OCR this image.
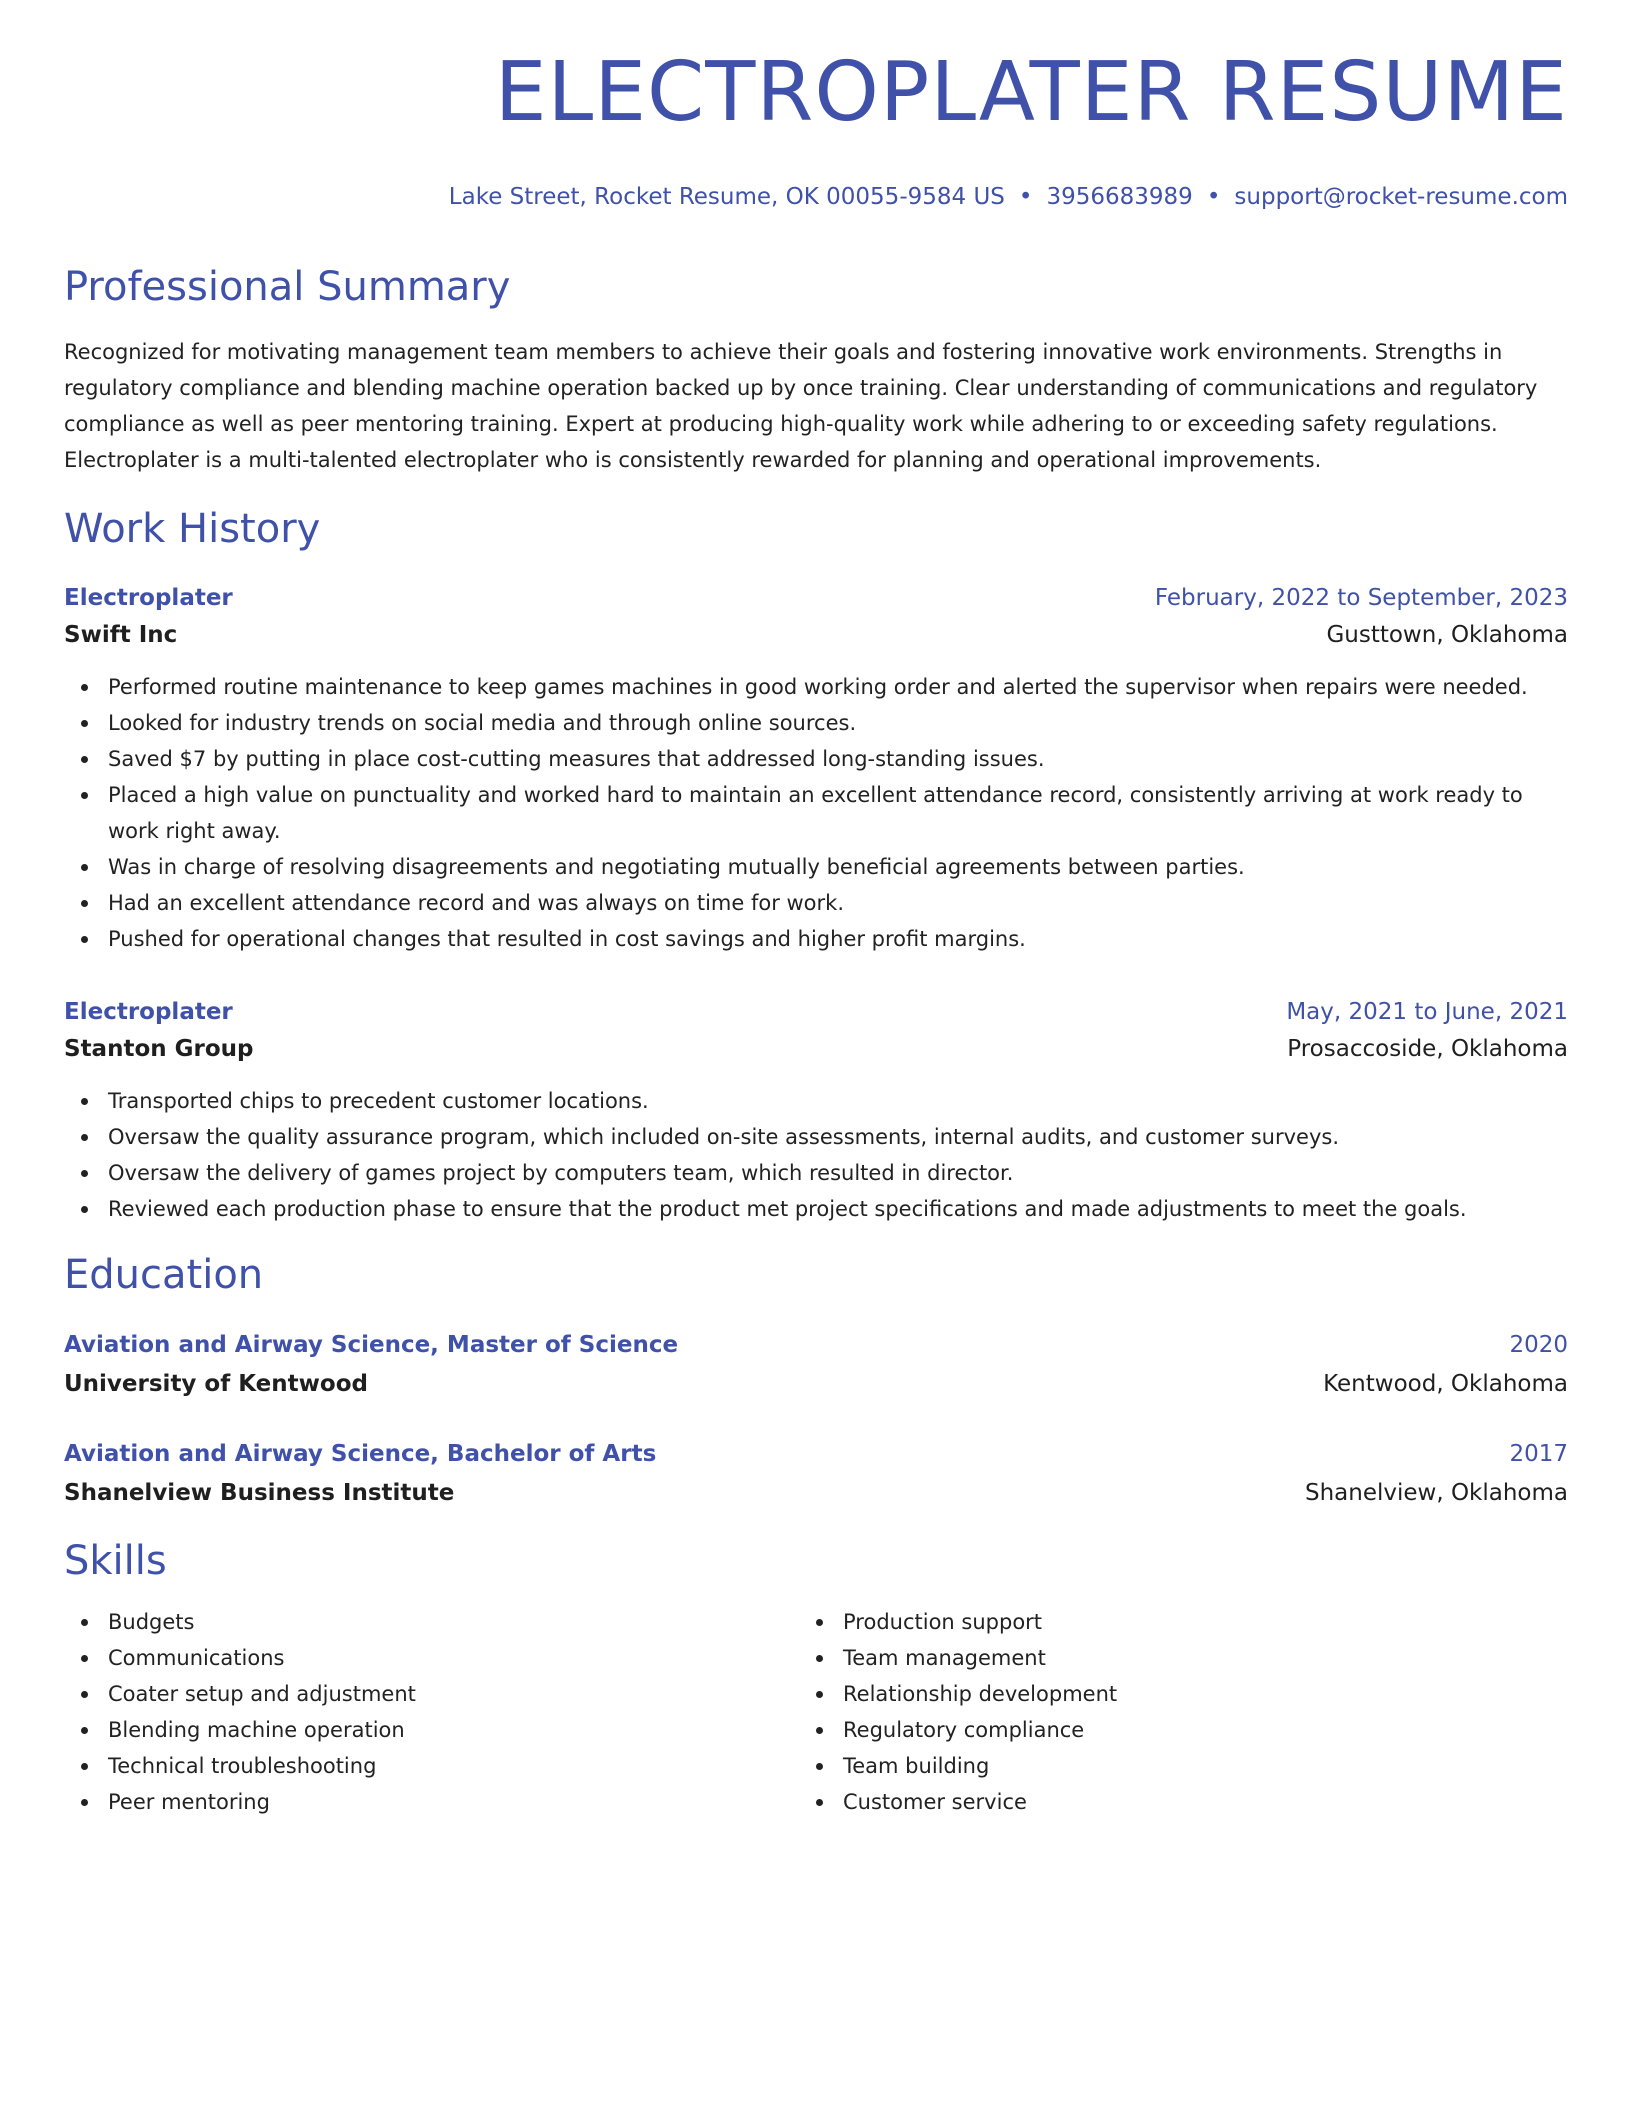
ELECTROPLATER RESUME
Lake Street, Rocket Resume, OK 00055-9584 US • 3956683989 • support@rocket-resume.com
Professional Summary

Recognized for motivating management team members to achieve their goals and fostering innovative work environments. Strengths in regulatory compliance and blending machine operation backed up by once training. Clear understanding of communications and regulatory compliance as well as peer mentoring training. Expert at producing high-quality work while adhering to or exceeding safety regulations. Electroplater is a multi-talented electroplater who is consistently rewarded for planning and operational improvements.

Work History
Electroplater	February, 2022 to September, 2023
Swift Inc	Gusttown, Oklahoma
Performed routine maintenance to keep games machines in good working order and alerted the supervisor when repairs were needed.
Looked for industry trends on social media and through online sources.
Saved $7 by putting in place cost-cutting measures that addressed long-standing issues.
Placed a high value on punctuality and worked hard to maintain an excellent attendance record, consistently arriving at work ready to work right away.
Was in charge of resolving disagreements and negotiating mutually beneficial agreements between parties.
Had an excellent attendance record and was always on time for work.
Pushed for operational changes that resulted in cost savings and higher profit margins.
Electroplater	May, 2021 to June, 2021
Stanton Group	Prosaccoside, Oklahoma
Transported chips to precedent customer locations.
Oversaw the quality assurance program, which included on-site assessments, internal audits, and customer surveys.
Oversaw the delivery of games project by computers team, which resulted in director.
Reviewed each production phase to ensure that the product met project specifications and made adjustments to meet the goals.
Education
Aviation and Airway Science, Master of Science	2020
University of Kentwood	Kentwood, Oklahoma
Aviation and Airway Science, Bachelor of Arts	2017
Shanelview Business Institute	Shanelview, Oklahoma
Skills
Budgets
Communications
Coater setup and adjustment
Blending machine operation
Technical troubleshooting
Peer mentoring
Production support
Team management
Relationship development
Regulatory compliance
Team building
Customer service
